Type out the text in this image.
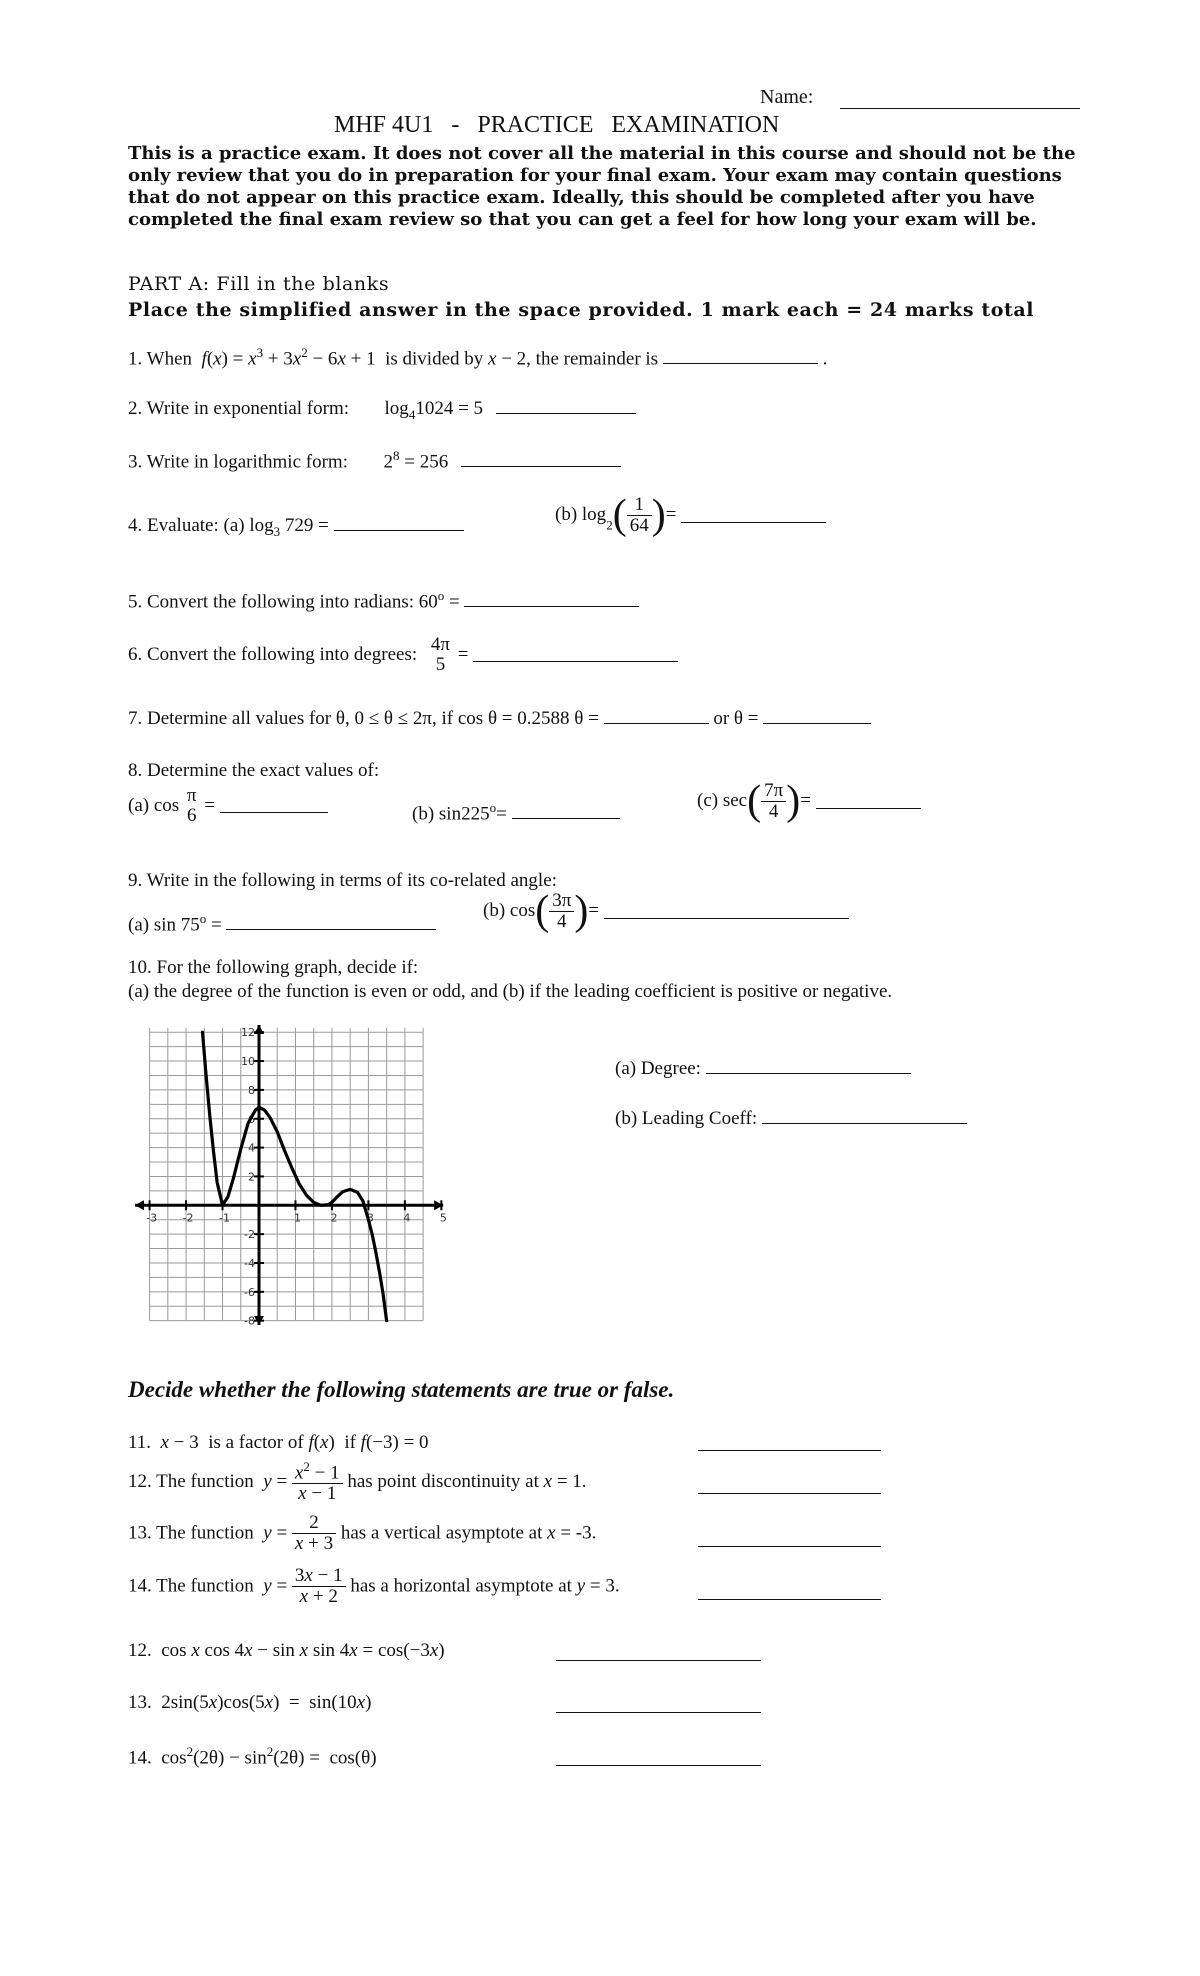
Name:
MHF 4U1   -   PRACTICE   EXAMINATION
This is a practice exam. It does not cover all the material in this course and should not be the
only review that you do in preparation for your final exam. Your exam may contain questions
that do not appear on this practice exam. Ideally, this should be completed after you have
completed the final exam review so that you can get a feel for how long your exam will be.
PART A: Fill in the blanks
Place the simplified answer in the space provided. 1 mark each = 24 marks total
1. When  $f(x) = x^3 + 3x^2 - 6x + 1$  is divided by x − 2, the remainder is	.
2. Write in exponential form: $\log_41024 = 5$
3. Write in logarithmic form: $2^8 = 256$
4. Evaluate: (a) $\log_3 729$ =
(b) $\log_2( \frac{1}{64}$ )=
5. Convert the following into radians: $60^o$ =
6. Convert the following into degrees: 4π
5 =
7. Determine all values for θ, 0 ≤ θ ≤ 2π, if cos θ = 0.2588 θ =	or θ =
8. Determine the exact values of:
(a) cos π
6 =	(b) $\sin 225^o=$
(c) $\sec( \frac{7\pi}{4}$ )=
9. Write in the following in terms of its co-related angle:
(a) $\sin 75^o$ =
(b) $\cos( \frac{3\pi}{4}$ )=
10. For the following graph, decide if:
(a) the degree of the function is even or odd, and (b) if the leading coefficient is positive or negative.
-3 -2 -1	1	2	3	4	5
12
10
8
6
4
2
-2
-4
-6
-8
(a) Degree:
(b) Leading Coeff:
Decide whether the following statements are true or false.
11. x − 3  is a factor of f(x)  if f(−3) = 0
12. The function $y = \frac{x^2 - 1}{x - 1}$ has point discontinuity at x = 1.
13. The function $y = \frac{2}{x + 3}$ has a vertical asymptote at x = -3.
14. The function $y = \frac{3x - 1}{x + 2}$ has a horizontal asymptote at y = 3.
12.  cos x cos 4x − sin x sin 4x = cos(−3x)
13.  2sin(5x)cos(5x)  =  sin(10x)
14.  $\cos^2(2\theta) - \sin^2(2\theta) = \cos(\theta)$
